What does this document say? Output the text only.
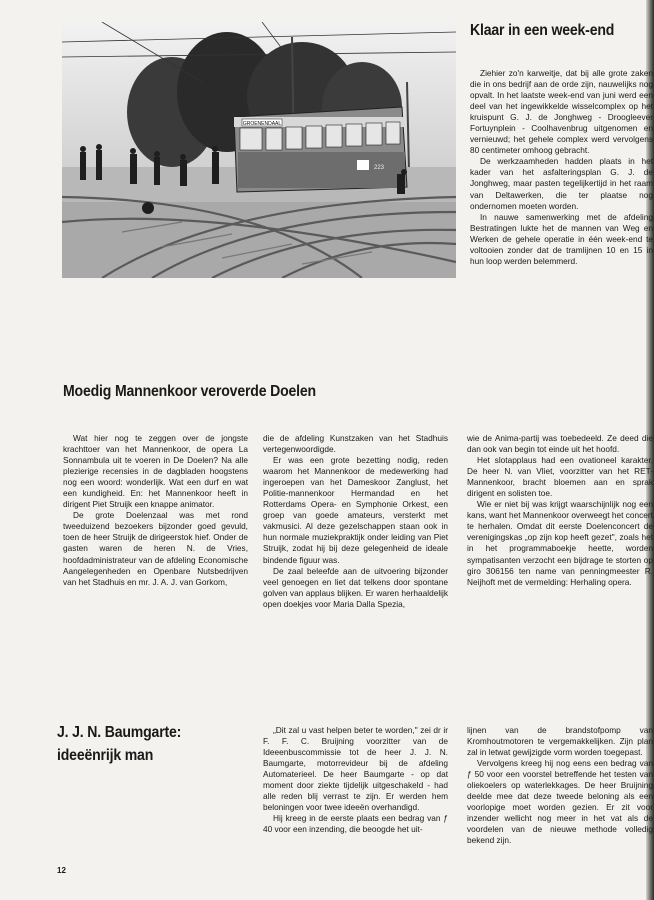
GROENENDAAL
223
Klaar in een week-end

Ziehier zo'n karweitje, dat bij alle grote zaken die in ons bedrijf aan de orde zijn, nauwelijks nog opvalt. In het laatste week-end van juni werd een deel van het ingewikkelde wisselcomplex op het kruispunt G. J. de Jonghweg - Droogleever Fortuynplein - Coolhavenbrug uitgenomen en vernieuwd; het gehele complex werd vervolgens 80 centimeter omhoog gebracht.

De werkzaamheden hadden plaats in het kader van het asfalteringsplan G. J. de Jonghweg, maar pasten tegelijkertijd in het raam van Deltawerken, die ter plaatse nog ondernomen moeten worden.

In nauwe samenwerking met de afdeling Bestratingen lukte het de mannen van Weg en Werken de gehele operatie in één week-end te voltooien zonder dat de tramlijnen 10 en 15 in hun loop werden belemmerd.

Moedig Mannenkoor veroverde Doelen

Wat hier nog te zeggen over de jongste krachttoer van het Mannenkoor, de opera La Sonnambula uit te voeren in De Doelen? Na alle plezierige recensies in de dagbladen hoogstens nog een woord: wonderlijk. Wat een durf en wat een kundigheid. En: het Mannenkoor heeft in dirigent Piet Struijk een knappe animator.

De grote Doelenzaal was met rond tweeduizend bezoekers bijzonder goed gevuld, toen de heer Struijk de dirigeerstok hief. Onder de gasten waren de heren N. de Vries, hoofdadministrateur van de afdeling Economische Aangelegenheden en Openbare Nutsbedrijven van het Stadhuis en mr. J. A. J. van Gorkom,

die de afdeling Kunstzaken van het Stadhuis vertegenwoordigde.

Er was een grote bezetting nodig, reden waarom het Mannenkoor de medewerking had ingeroepen van het Dameskoor Zanglust, het Politie-mannenkoor Hermandad en het Rotterdams Opera- en Symphonie Orkest, een groep van goede amateurs, versterkt met vakmusici. Al deze gezelschappen staan ook in hun normale muziekpraktijk onder leiding van Piet Struijk, zodat hij bij deze gelegenheid de ideale bindende figuur was.

De zaal beleefde aan de uitvoering bijzonder veel genoegen en liet dat telkens door spontane golven van applaus blijken. Er waren herhaaldelijk open doekjes voor Maria Dalla Spezia,

wie de Anima-partij was toebedeeld. Ze deed die dan ook van begin tot einde uit het hoofd.

Het slotapplaus had een ovationeel karakter. De heer N. van Vliet, voorzitter van het RET-Mannenkoor, bracht bloemen aan en sprak dirigent en solisten toe.

Wie er niet bij was krijgt waarschijnlijk nog een kans, want het Mannenkoor overweegt het concert te herhalen. Omdat dit eerste Doelenconcert de verenigingskas „op zijn kop heeft gezet", zoals het in het programmaboekje heette, worden sympatisanten verzocht een bijdrage te storten op giro 306156 ten name van penningmeester R. Neijhoft met de vermelding: Herhaling opera.

J. J. N. Baumgarte:
ideeënrijk man

„Dit zal u vast helpen beter te worden," zei dr ir F. F. C. Bruijning voorzitter van de Ideeenbuscommissie tot de heer J. J. N. Baumgarte, motorrevideur bij de afdeling Automaterieel. De heer Baumgarte - op dat moment door ziekte tijdelijk uitgeschakeld - had alle reden blij verrast te zijn. Er werden hem beloningen voor twee ideeën overhandigd.

Hij kreeg in de eerste plaats een bedrag van ƒ 40 voor een inzending, die beoogde het uit-

lijnen van de brandstofpomp van Kromhoutmotoren te vergemakkelijken. Zijn plan zal in letwat gewijzigde vorm worden toegepast.

Vervolgens kreeg hij nog eens een bedrag van ƒ 50 voor een voorstel betreffende het testen van oliekoelers op waterlekkages. De heer Bruijning deelde mee dat deze tweede beloning als een voorlopige moet worden gezien. Er zit voor inzender wellicht nog meer in het vat als de voordelen van de nieuwe methode volledig bekend zijn.

12
